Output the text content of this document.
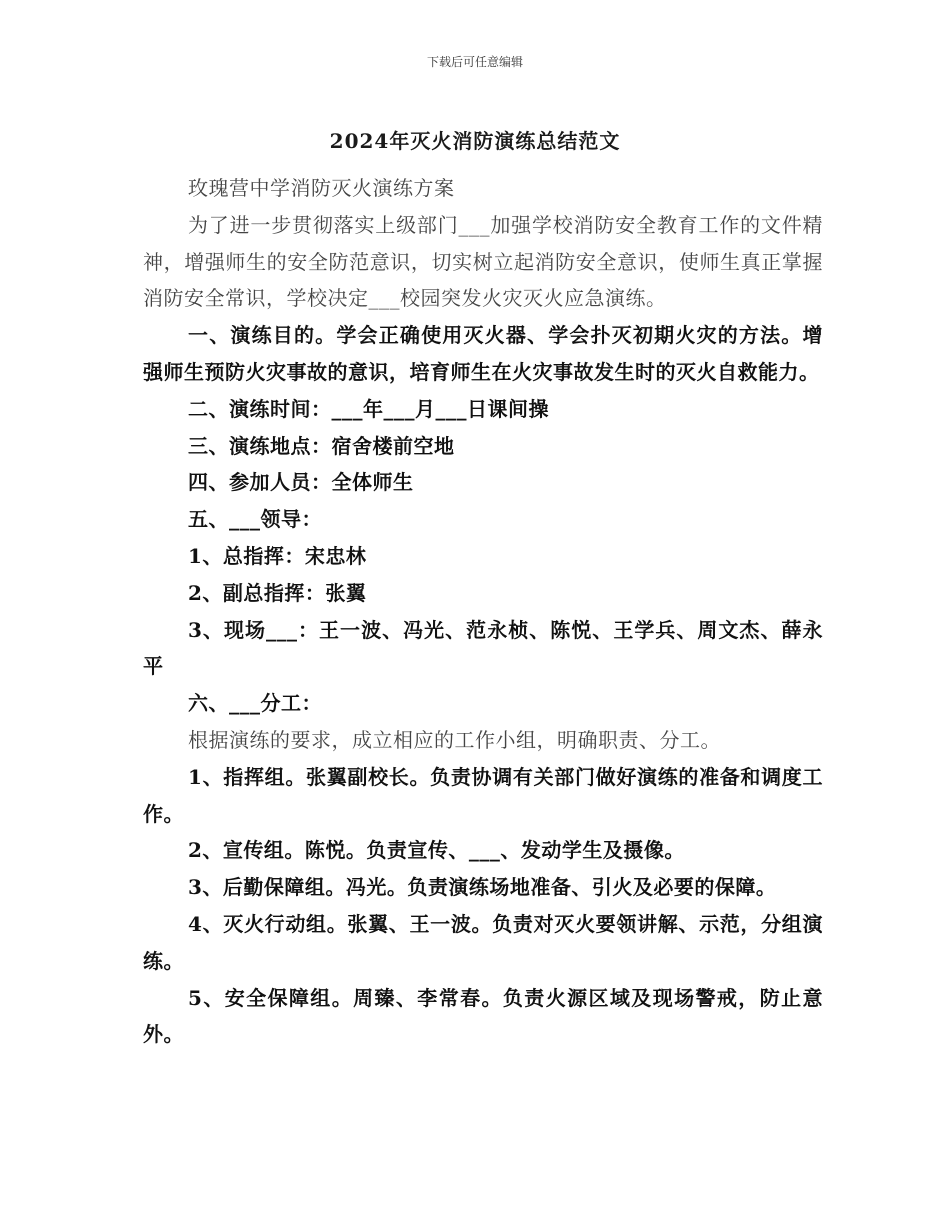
下载后可任意编辑
2024年灭火消防演练总结范文

玫瑰营中学消防灭火演练方案

为了进一步贯彻落实上级部门___加强学校消防安全教育工作的文件精神，增强师生的安全防范意识，切实树立起消防安全意识，使师生真正掌握消防安全常识，学校决定___校园突发火灾灭火应急演练。

一、演练目的。学会正确使用灭火器、学会扑灭初期火灾的方法。增强师生预防火灾事故的意识，培育师生在火灾事故发生时的灭火自救能力。

二、演练时间：___年___月___日课间操

三、演练地点：宿舍楼前空地

四、参加人员：全体师生

五、___领导：

1、总指挥：宋忠林

2、副总指挥：张翼

3、现场___：王一波、冯光、范永桢、陈悦、王学兵、周文杰、薛永平

六、___分工：

根据演练的要求，成立相应的工作小组，明确职责、分工。

1、指挥组。张翼副校长。负责协调有关部门做好演练的准备和调度工作。

2、宣传组。陈悦。负责宣传、___、发动学生及摄像。

3、后勤保障组。冯光。负责演练场地准备、引火及必要的保障。

4、灭火行动组。张翼、王一波。负责对灭火要领讲解、示范，分组演练。

5、安全保障组。周臻、李常春。负责火源区域及现场警戒，防止意外。
